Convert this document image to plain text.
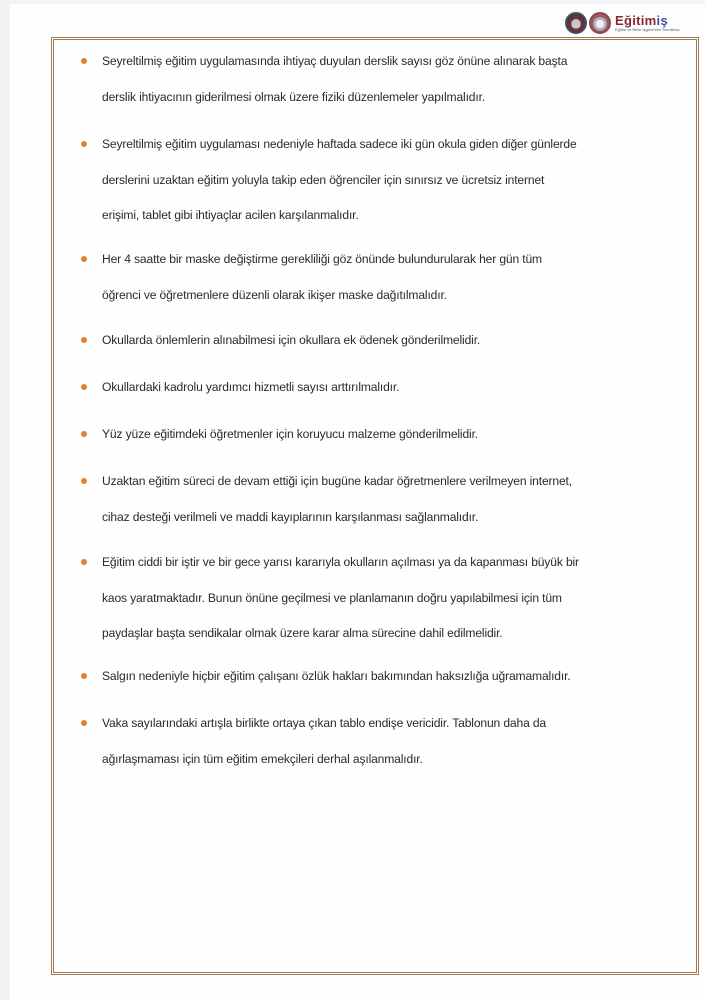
Eğitimiş
Eğitim ve Bilim İşgörenleri Sendikası
Seyreltilmiş eğitim uygulamasında ihtiyaç duyulan derslik sayısı göz önüne alınarak başta
derslik ihtiyacının giderilmesi olmak üzere fiziki düzenlemeler yapılmalıdır.
Seyreltilmiş eğitim uygulaması nedeniyle haftada sadece iki gün okula giden diğer günlerde
derslerini uzaktan eğitim yoluyla takip eden öğrenciler için sınırsız ve ücretsiz internet
erişimi, tablet gibi ihtiyaçlar acilen karşılanmalıdır.
Her 4 saatte bir maske değiştirme gerekliliği göz önünde bulundurularak her gün tüm
öğrenci ve öğretmenlere düzenli olarak ikişer maske dağıtılmalıdır.
Okullarda önlemlerin alınabilmesi için okullara ek ödenek gönderilmelidir.
Okullardaki kadrolu yardımcı hizmetli sayısı arttırılmalıdır.
Yüz yüze eğitimdeki öğretmenler için koruyucu malzeme gönderilmelidir.
Uzaktan eğitim süreci de devam ettiği için bugüne kadar öğretmenlere verilmeyen internet,
cihaz desteği verilmeli ve maddi kayıplarının karşılanması sağlanmalıdır.
Eğitim ciddi bir iştir ve bir gece yarısı kararıyla okulların açılması ya da kapanması büyük bir
kaos yaratmaktadır. Bunun önüne geçilmesi ve planlamanın doğru yapılabilmesi için tüm
paydaşlar başta sendikalar olmak üzere karar alma sürecine dahil edilmelidir.
Salgın nedeniyle hiçbir eğitim çalışanı özlük hakları bakımından haksızlığa uğramamalıdır.
Vaka sayılarındaki artışla birlikte ortaya çıkan tablo endişe vericidir. Tablonun daha da
ağırlaşmaması için tüm eğitim emekçileri derhal aşılanmalıdır.
